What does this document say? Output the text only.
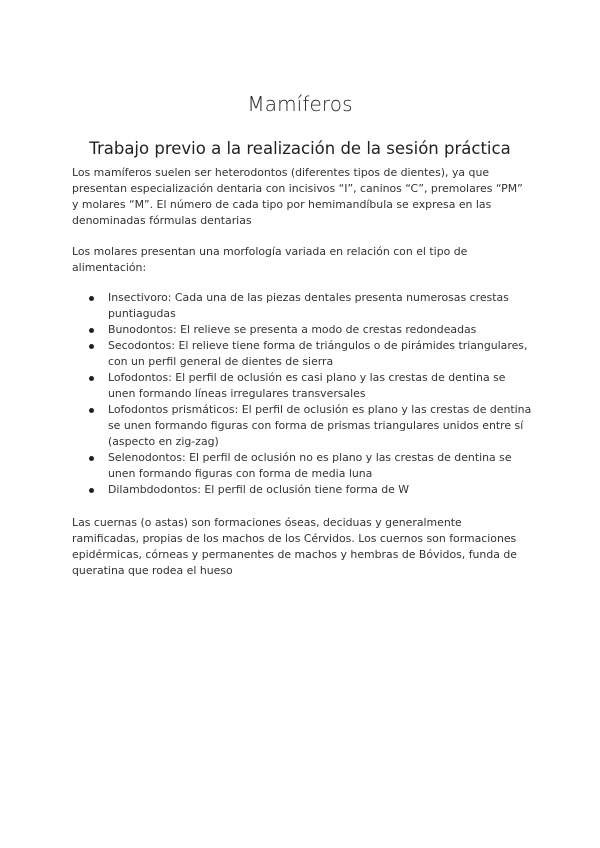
Mamíferos
Trabajo previo a la realización de la sesión práctica

Los mamíferos suelen ser heterodontos (diferentes tipos de dientes), ya que presentan especialización dentaria con incisivos “I”, caninos “C”, premolares “PM” y molares “M”. El número de cada tipo por hemimandíbula se expresa en las denominadas fórmulas dentarias

Los molares presentan una morfología variada en relación con el tipo de alimentación:

Insectivoro: Cada una de las piezas dentales presenta numerosas crestas puntiagudas
Bunodontos: El relieve se presenta a modo de crestas redondeadas
Secodontos: El relieve tiene forma de triángulos o de pirámides triangulares, con un perfil general de dientes de sierra
Lofodontos: El perfil de oclusión es casi plano y las crestas de dentina se unen formando líneas irregulares transversales
Lofodontos prismáticos: El perfil de oclusión es plano y las crestas de dentina se unen formando figuras con forma de prismas triangulares unidos entre sí (aspecto en zig-zag)
Selenodontos: El perfil de oclusión no es plano y las crestas de dentina se unen formando figuras con forma de media luna
Dilambdodontos: El perfil de oclusión tiene forma de W

Las cuernas (o astas) son formaciones óseas, deciduas y generalmente ramificadas, propias de los machos de los Cérvidos. Los cuernos son formaciones epidérmicas, córneas y permanentes de machos y hembras de Bóvidos, funda de queratina que rodea el hueso
